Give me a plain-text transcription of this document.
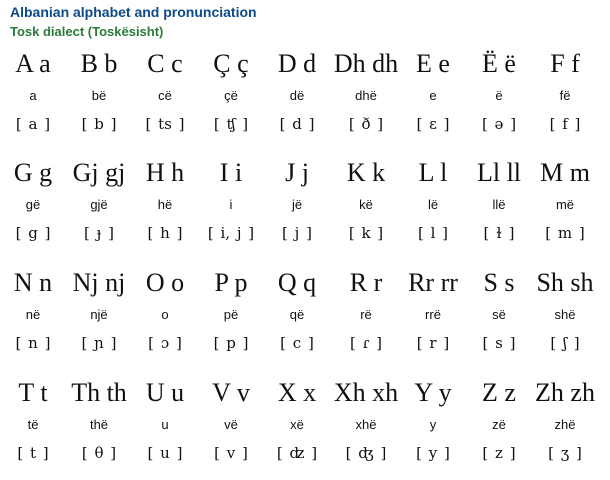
Albanian alphabet and pronunciation
Tosk dialect (Toskësisht)
A a
a
[ a ]
B b
bë
[ b ]
C c
cë
[ ts ]
Ç ç
çë
[ ʧ ]
D d
dë
[ d ]
Dh dh
dhë
[ ð ]
E e
e
[ ɛ ]
Ë ë
ë
[ ə ]
F f
fë
[ f ]
G g
gë
[ g ]
Gj gj
gjë
[ ɟ ]
H h
hë
[ h ]
I i
i
[ i, j ]
J j
jë
[ j ]
K k
kë
[ k ]
L l
lë
[ l ]
Ll ll
llë
[ ɫ ]
M m
më
[ m ]
N n
në
[ n ]
Nj nj
një
[ ɲ ]
O o
o
[ ɔ ]
P p
pë
[ p ]
Q q
që
[ c ]
R r
rë
[ ɾ ]
Rr rr
rrë
[ r ]
S s
së
[ s ]
Sh sh
shë
[ ʃ ]
T t
të
[ t ]
Th th
thë
[ θ ]
U u
u
[ u ]
V v
vë
[ v ]
X x
xë
[ ʣ ]
Xh xh
xhë
[ ʤ ]
Y y
y
[ y ]
Z z
zë
[ z ]
Zh zh
zhë
[ ʒ ]
